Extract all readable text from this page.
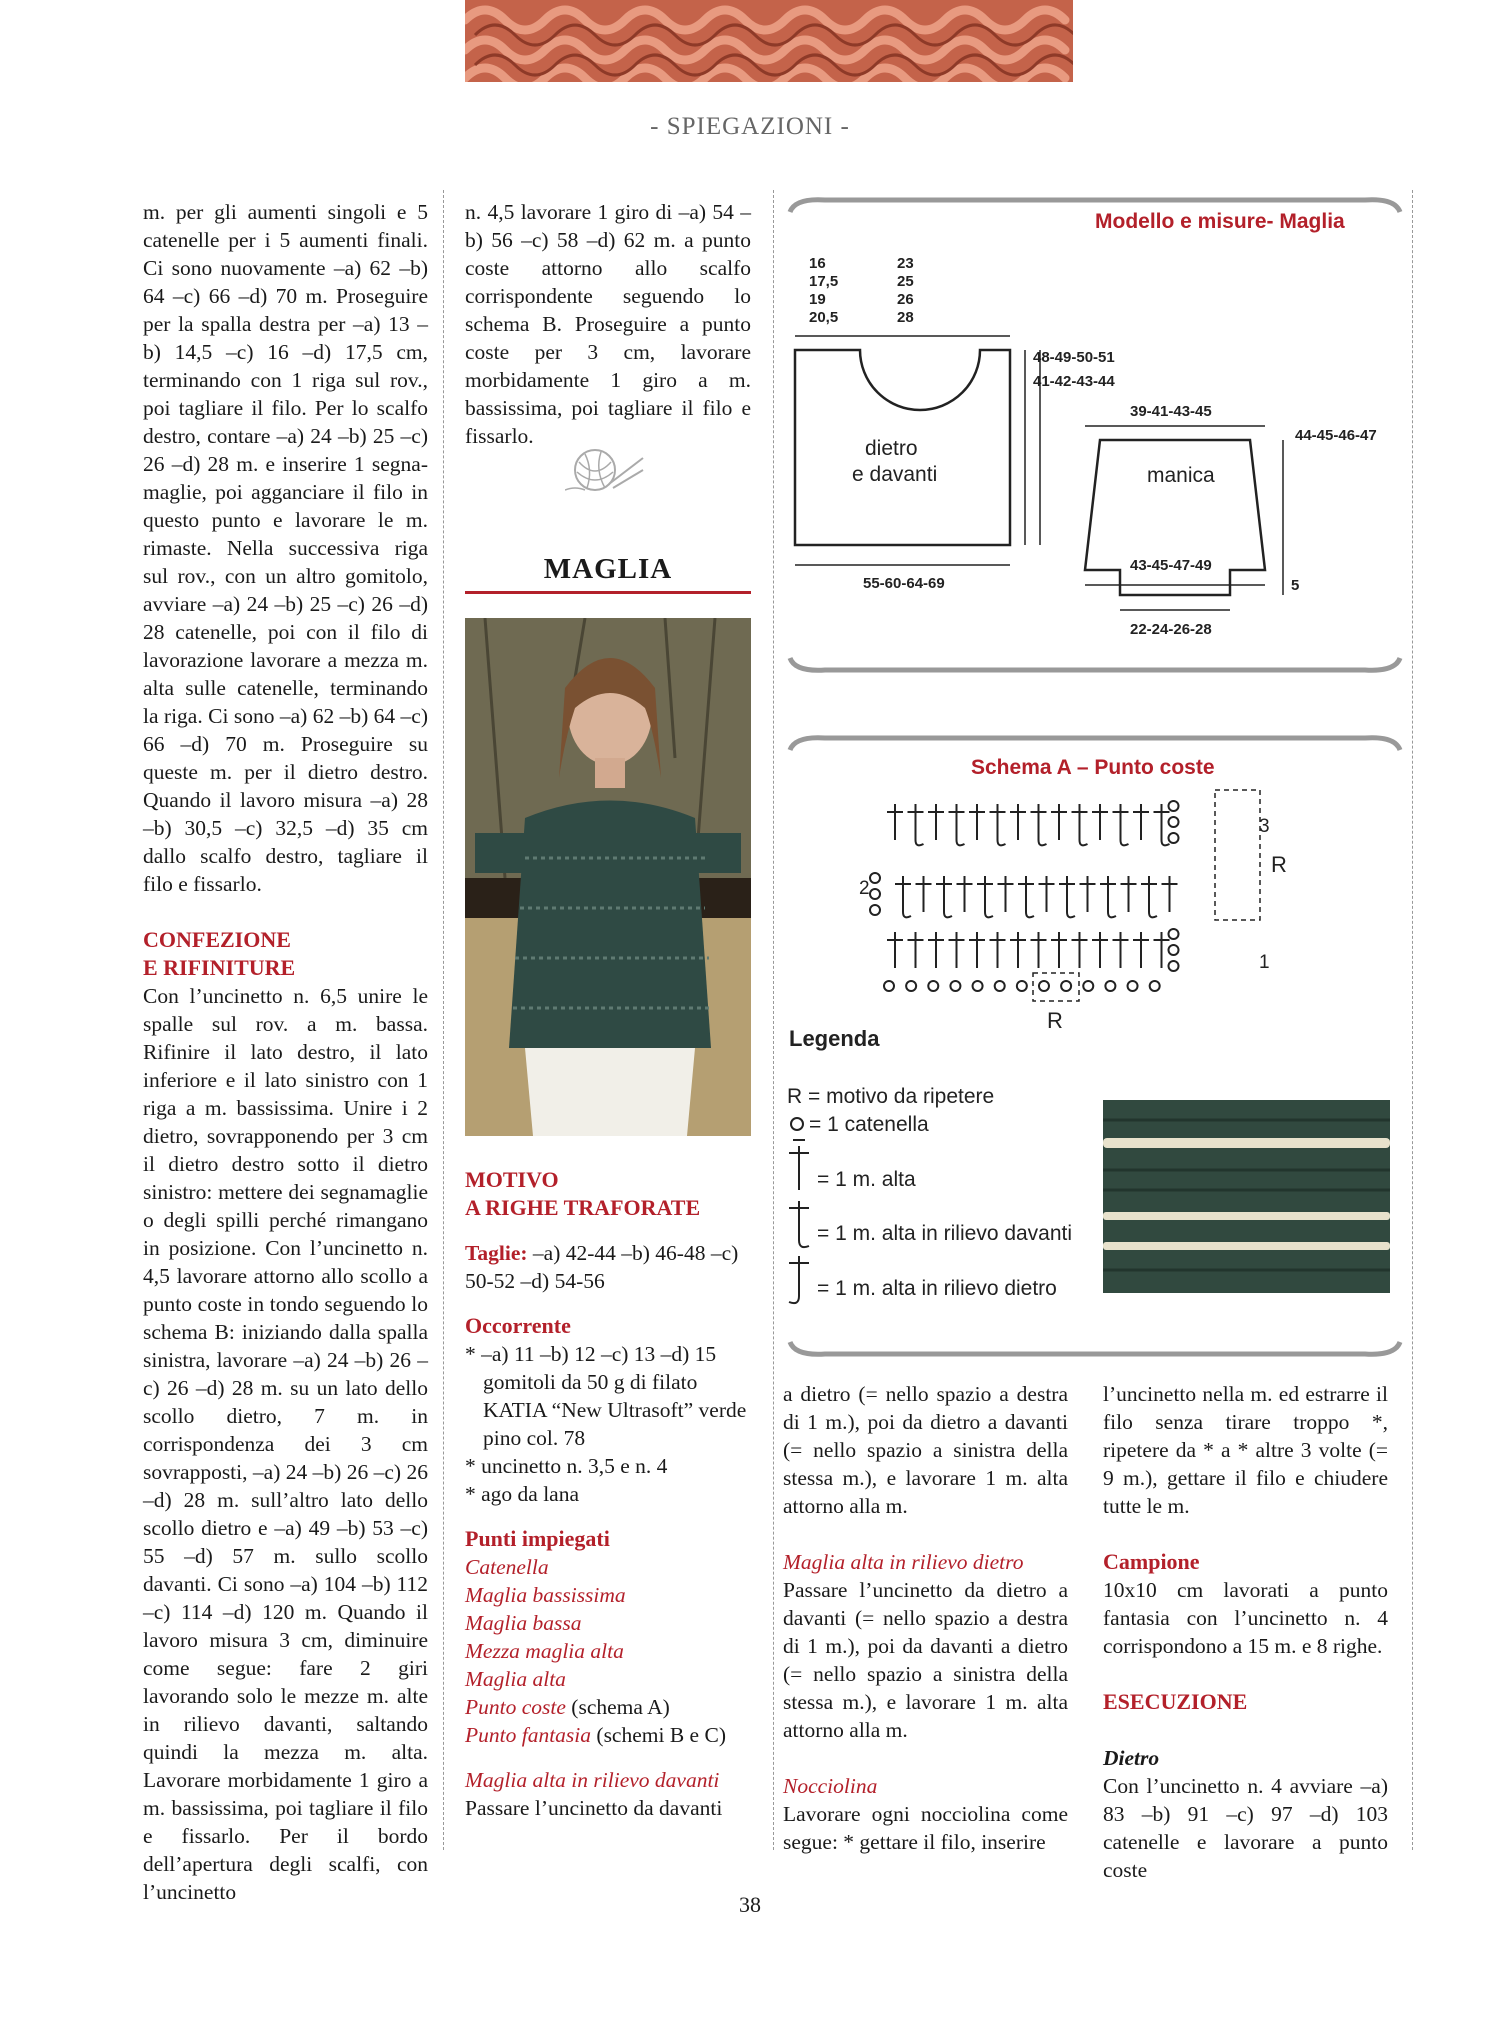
- SPIEGAZIONI -

m. per gli aumenti singoli e 5 catenelle per i 5 aumenti finali. Ci sono nuovamente –a) 62 –b) 64 –c) 66 –d) 70 m. Proseguire per la spalla destra per –a) 13 –b) 14,5 –c) 16 –d) 17,5 cm, terminando con 1 riga sul rov., poi tagliare il filo. Per lo scalfo destro, contare –a) 24 –b) 25 –c) 26 –d) 28 m. e inserire 1 segna-maglie, poi agganciare il filo in questo punto e lavorare le m. rimaste. Nella successiva riga sul rov., con un altro gomitolo, avviare –a) 24 –b) 25 –c) 26 –d) 28 catenelle, poi con il filo di lavorazione lavorare a mezza m. alta sulle catenelle, terminando la riga. Ci sono –a) 62 –b) 64 –c) 66 –d) 70 m. Proseguire su queste m. per il dietro destro. Quando il lavoro misura –a) 28 –b) 30,5 –c) 32,5 –d) 35 cm dallo scalfo destro, tagliare il filo e fissarlo.

CONFEZIONE

E RIFINITURE

Con l’uncinetto n. 6,5 unire le spalle sul rov. a m. bassa. Rifinire il lato destro, il lato inferiore e il lato sinistro con 1 riga a m. bassissima. Unire i 2 dietro, sovrapponendo per 3 cm il dietro destro sotto il dietro sinistro: mettere dei segnamaglie o degli spilli perché rimangano in posizione. Con l’uncinetto n. 4,5 lavorare attorno allo scollo a punto coste in tondo seguendo lo schema B: iniziando dalla spalla sinistra, lavorare –a) 24 –b) 26 –c) 26 –d) 28 m. su un lato dello scollo dietro, 7 m. in corrispondenza dei 3 cm sovrapposti, –a) 24 –b) 26 –c) 26 –d) 28 m. sull’altro lato dello scollo dietro e –a) 49 –b) 53 –c) 55 –d) 57 m. sullo scollo davanti. Ci sono –a) 104 –b) 112 –c) 114 –d) 120 m. Quando il lavoro misura 3 cm, diminuire come segue: fare 2 giri lavorando solo le mezze m. alte in rilievo davanti, saltando quindi la mezza m. alta. Lavorare morbidamente 1 giro a m. bassissima, poi tagliare il filo e fissarlo. Per il bordo dell’apertura degli scalfi, con l’uncinetto

n. 4,5 lavorare 1 giro di –a) 54 –b) 56 –c) 58 –d) 62 m. a punto coste attorno allo scalfo corrispondente seguendo lo schema B. Proseguire a punto coste per 3 cm, lavorare morbidamente 1 giro a m. bassissima, poi tagliare il filo e fissarlo.

MAGLIA

MOTIVO

A RIGHE TRAFORATE

Taglie: –a) 42-44 –b) 46-48 –c) 50-52 –d) 54-56

Occorrente

* –a) 11 –b) 12 –c) 13 –d) 15 gomitoli da 50 g di filato KATIA “New Ultrasoft” verde pino col. 78

* uncinetto n. 3,5 e n. 4

* ago da lana

Punti impiegati

Catenella

Maglia bassissima

Maglia bassa

Mezza maglia alta

Maglia alta

Punto coste (schema A)

Punto fantasia (schemi B e C)

Maglia alta in rilievo davanti

Passare l’uncinetto da davanti

Modello e misure- Maglia
16
17,5
19
20,5
23
25
26
28
48-49-50-51
41-42-43-44
55-60-64-69
39-41-43-45
44-45-46-47
43-45-47-49
5
22-24-26-28
dietro
e davanti	manica
Schema A – Punto coste
3
2
1
R
R
Legenda
R = motivo da ripetere
= 1 catenella
= 1 m. alta
= 1 m. alta in rilievo davanti
= 1 m. alta in rilievo dietro

a dietro (= nello spazio a destra di 1 m.), poi da dietro a davanti (= nello spazio a sinistra della stessa m.), e lavorare 1 m. alta attorno alla m.

Maglia alta in rilievo dietro

Passare l’uncinetto da dietro a davanti (= nello spazio a destra di 1 m.), poi da davanti a dietro (= nello spazio a sinistra della stessa m.), e lavorare 1 m. alta attorno alla m.

Nocciolina

Lavorare ogni nocciolina come segue: * gettare il filo, inserire

l’uncinetto nella m. ed estrarre il filo senza tirare troppo *, ripetere da * a * altre 3 volte (= 9 m.), gettare il filo e chiudere tutte le m.

Campione

10x10 cm lavorati a punto fantasia con l’uncinetto n. 4 corrispondono a 15 m. e 8 righe.

ESECUZIONE

Dietro

Con l’uncinetto n. 4 avviare –a) 83 –b) 91 –c) 97 –d) 103 catenelle e lavorare a punto coste

38
